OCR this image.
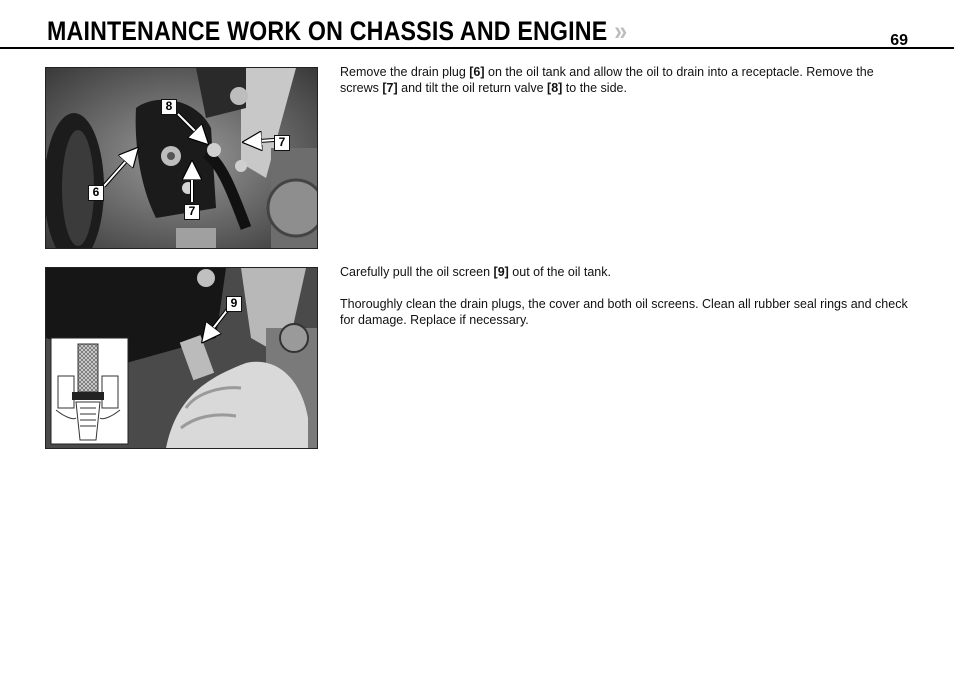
MAINTENANCE WORK ON CHASSIS AND ENGINE »	69
8
7
6
7

Remove the drain plug [6] on the oil tank and allow the oil to drain into a receptacle. Remove the screws [7] and tilt the oil return valve [8] to the side.

9

Carefully pull the oil screen [9] out of the oil tank.

Thoroughly clean the drain plugs, the cover and both oil screens. Clean all rubber seal rings and check for damage. Replace if necessary.
